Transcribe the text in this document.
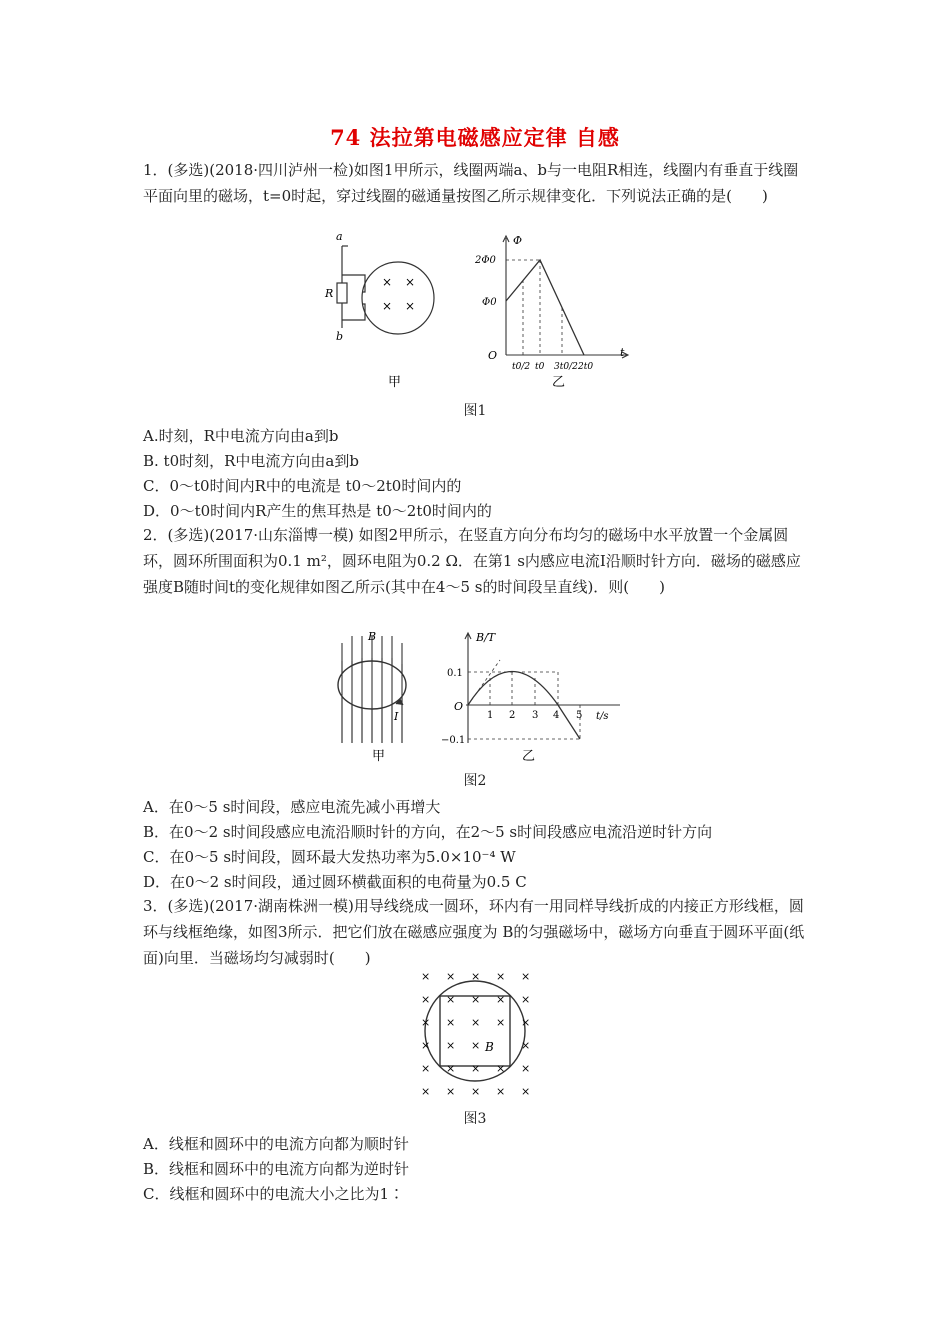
74 法拉第电磁感应定律 自感
1．(多选)(2018·四川泸州一检)如图1甲所示，线圈两端a、b与一电阻R相连，线圈内有垂直于线圈平面向里的磁场，t=0时起，穿过线圈的磁通量按图乙所示规律变化．下列说法正确的是(　　)
a
R
b
× ×
× ×
甲
Φ
t
O
2Φ0
Φ0
t0/2 t0 3t0/2 2t0
乙
图1
A.时刻，R中电流方向由a到b
B. t0时刻，R中电流方向由a到b
C．0～t0时间内R中的电流是 t0～2t0时间内的
D．0～t0时间内R产生的焦耳热是 t0～2t0时间内的
2．(多选)(2017·山东淄博一模) 如图2甲所示，在竖直方向分布均匀的磁场中水平放置一个金属圆环，圆环所围面积为0.1 m²，圆环电阻为0.2 Ω．在第1 s内感应电流I沿顺时针方向．磁场的磁感应强度B随时间t的变化规律如图乙所示(其中在4～5 s的时间段呈直线)．则(　　)
B
I
甲
B/T
t/s
O
0.1
−0.1
1 2 3 4 5
乙
图2
A．在0～5 s时间段，感应电流先减小再增大
B．在0～2 s时间段感应电流沿顺时针的方向，在2～5 s时间段感应电流沿逆时针方向
C．在0～5 s时间段，圆环最大发热功率为5.0×10⁻⁴ W
D．在0～2 s时间段，通过圆环横截面积的电荷量为0.5 C
3．(多选)(2017·湖南株洲一模)用导线绕成一圆环，环内有一用同样导线折成的内接正方形线框，圆环与线框绝缘，如图3所示．把它们放在磁感应强度为 B的匀强磁场中，磁场方向垂直于圆环平面(纸面)向里．当磁场均匀减弱时(　　)
B
× × × × ×
× × × × ×
× × × × ×
× × ×	×
× × × × ×
× × × × ×
图3
A．线框和圆环中的电流方向都为顺时针
B．线框和圆环中的电流方向都为逆时针
C．线框和圆环中的电流大小之比为1∶
